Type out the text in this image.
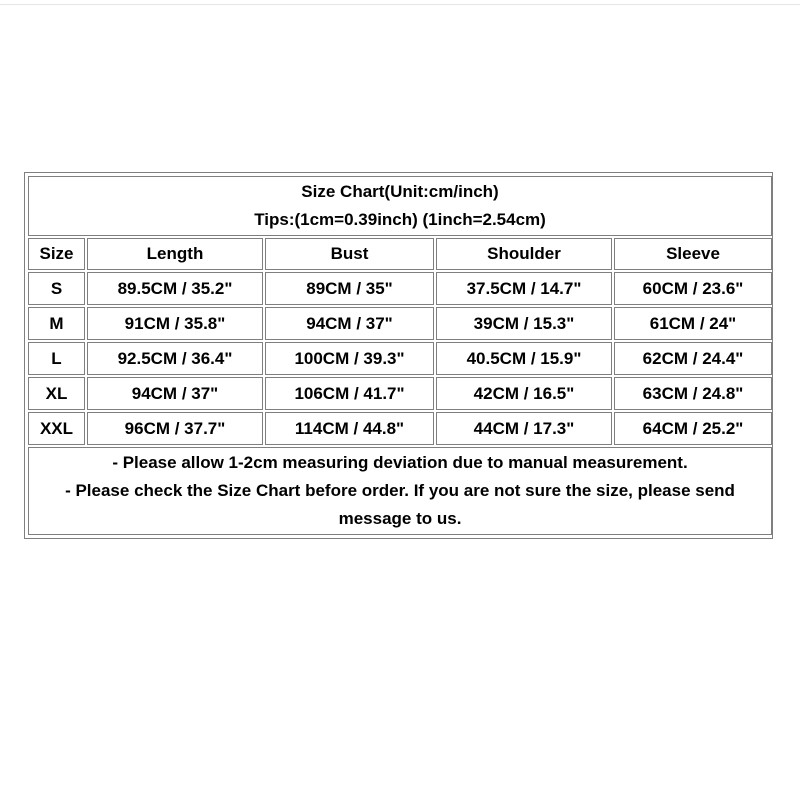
Size Chart(Unit:cm/inch)
Tips:(1cm=0.39inch) (1inch=2.54cm)				

Size	Length	Bust	Shoulder	Sleeve
S	89.5CM / 35.2"	89CM / 35"	37.5CM / 14.7"	60CM / 23.6"
M	91CM / 35.8"	94CM / 37"	39CM / 15.3"	61CM / 24"
L	92.5CM / 36.4"	100CM / 39.3"	40.5CM / 15.9"	62CM / 24.4"
XL	94CM / 37"	106CM / 41.7"	42CM / 16.5"	63CM / 24.8"
XXL	96CM / 37.7"	114CM / 44.8"	44CM / 17.3"	64CM / 25.2"

- Please allow 1-2cm measuring deviation due to manual measurement.
- Please check the Size Chart before order. If you are not sure the size, please send message to us.				
